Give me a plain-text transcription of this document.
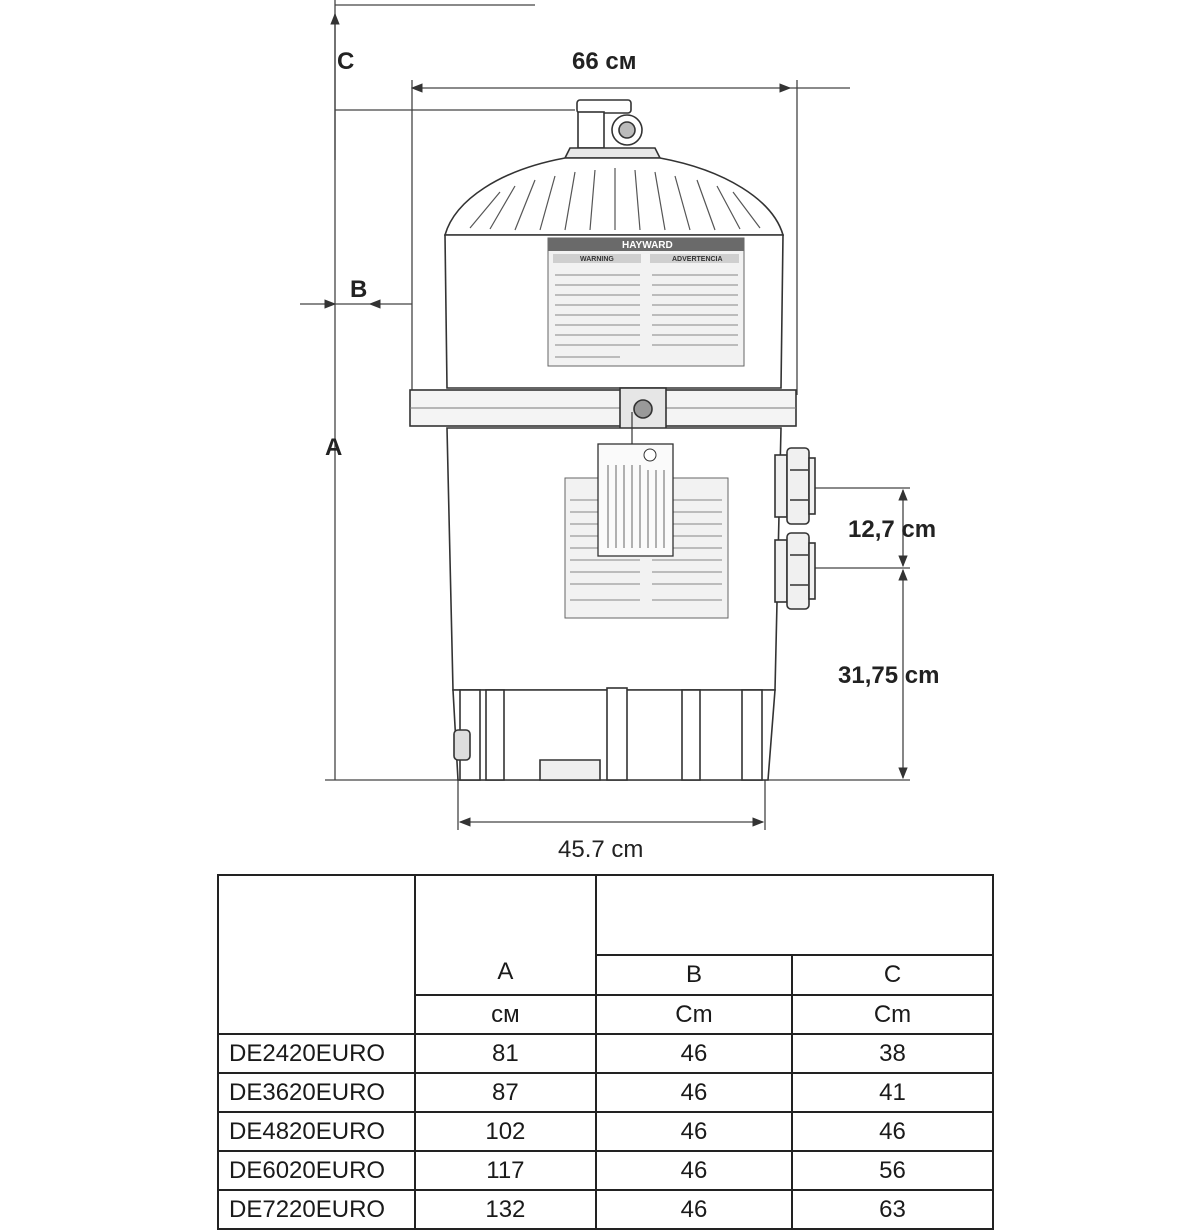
C	66 см
B
A
12,7 cm
31,75 cm
45.7 cm
HAYWARD
WARNING	ADVERTENCIA
	A		
		B	C
	см	Cm	Cm
DE2420EURO	81	46	38
DE3620EURO	87	46	41
DE4820EURO	102	46	46
DE6020EURO	117	46	56
DE7220EURO	132	46	63
